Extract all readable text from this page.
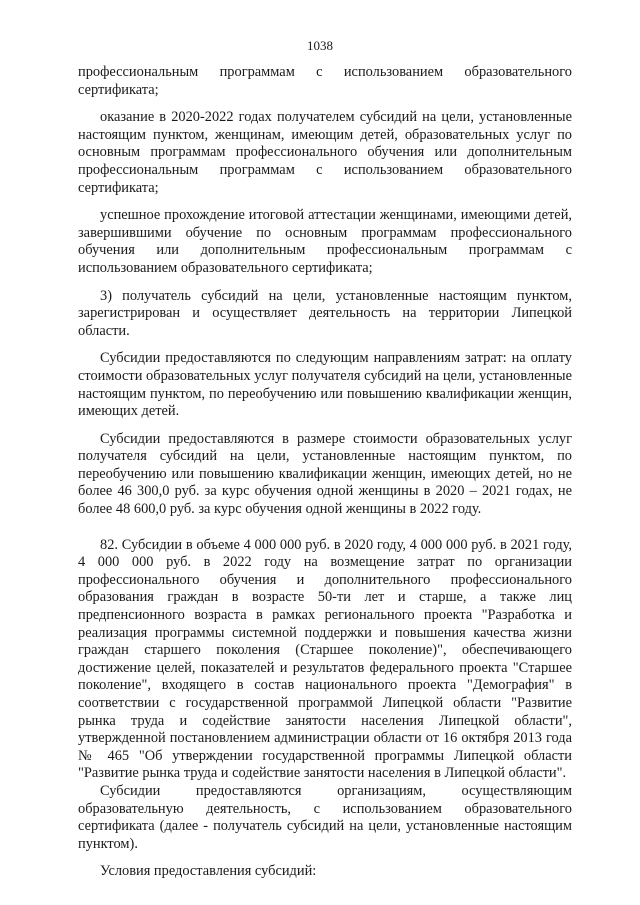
1038

профессиональным программам с использованием образовательного сертификата;

оказание в 2020-2022 годах получателем субсидий на цели, установленные настоящим пунктом, женщинам, имеющим детей, образовательных услуг по основным программам профессионального обучения или дополнительным профессиональным программам с использованием образовательного сертификата;

успешное прохождение итоговой аттестации женщинами, имеющими детей, завершившими обучение по основным программам профессионального обучения или дополнительным профессиональным программам с использованием образовательного сертификата;

3) получатель субсидий на цели, установленные настоящим пунктом, зарегистрирован и осуществляет деятельность на территории Липецкой области.

Субсидии предоставляются по следующим направлениям затрат: на оплату стоимости образовательных услуг получателя субсидий на цели, установленные настоящим пунктом, по переобучению или повышению квалификации женщин, имеющих детей.

Субсидии предоставляются в размере стоимости образовательных услуг получателя субсидий на цели, установленные настоящим пунктом, по переобучению или повышению квалификации женщин, имеющих детей, но не более 46 300,0 руб. за курс обучения одной женщины в 2020 – 2021 годах, не более 48 600,0 руб. за курс обучения одной женщины в 2022 году.

82. Субсидии в объеме 4 000 000 руб. в 2020 году, 4 000 000 руб. в 2021 году, 4 000 000 руб. в 2022 году на возмещение затрат по организации профессионального обучения и дополнительного профессионального образования граждан в возрасте 50-ти лет и старше, а также лиц предпенсионного возраста в рамках регионального проекта "Разработка и реализация программы системной поддержки и повышения качества жизни граждан старшего поколения (Старшее поколение)", обеспечивающего достижение целей, показателей и результатов федерального проекта "Старшее поколение", входящего в состав национального проекта "Демография" в соответствии с государственной программой Липецкой области "Развитие рынка труда и содействие занятости населения Липецкой области", утвержденной постановлением администрации области от 16 октября 2013 года № 465 "Об утверждении государственной программы Липецкой области "Развитие рынка труда и содействие занятости населения в Липецкой области".

Субсидии предоставляются организациям, осуществляющим образовательную деятельность, с использованием образовательного сертификата (далее - получатель субсидий на цели, установленные настоящим пунктом).

Условия предоставления субсидий:
